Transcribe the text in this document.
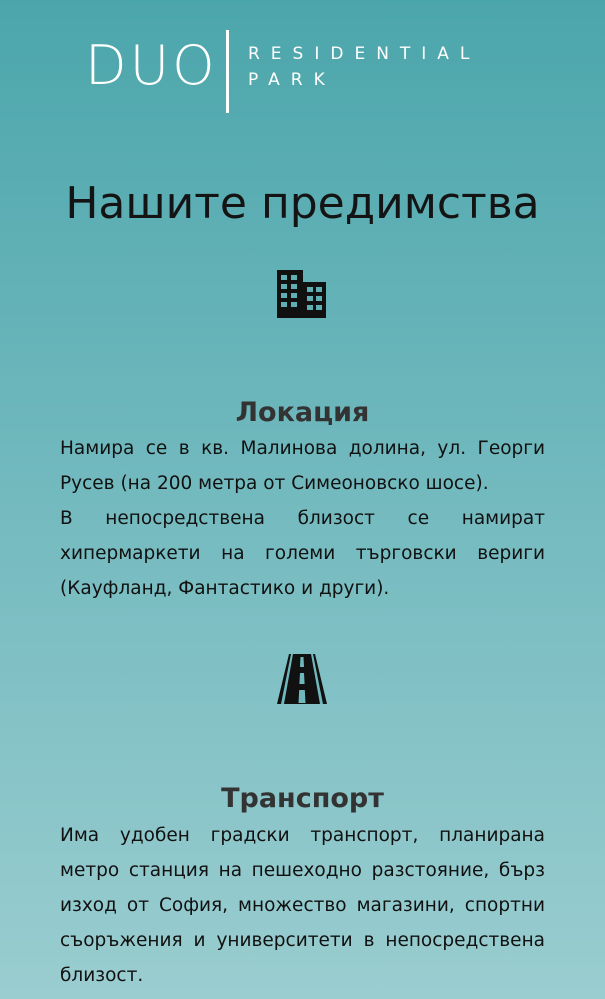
DUO RESIDENTIAL
PARK
Нашите предимства
Локация

Намира се в кв. Малинова долина, ул. Георги Русев (на 200 метра от Симеоновско шосе).

В непосредствена близост се намират хипермаркети на големи търговски вериги (Кауфланд, Фантастико и други).

Транспорт

Има удобен градски транспорт, планирана метро станция на пешеходно разстояние, бърз изход от София, множество магазини, спортни съоръжения и университети в непосредствена близост.
